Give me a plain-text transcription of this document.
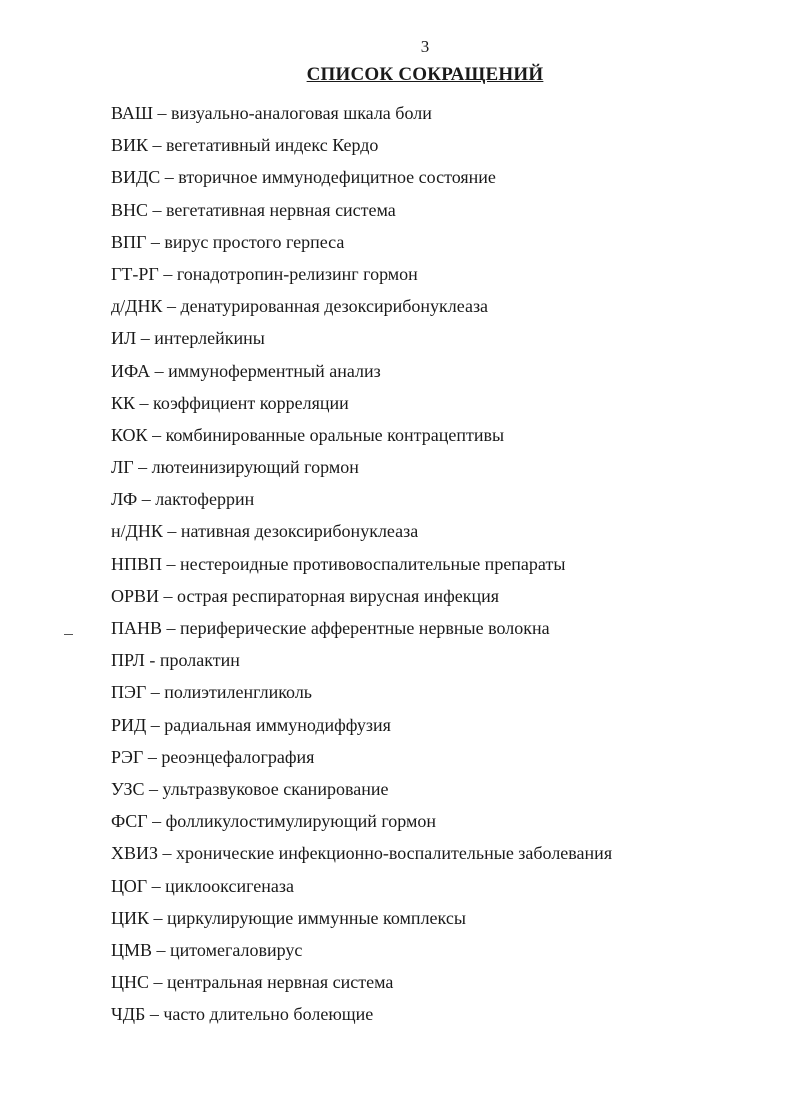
3
СПИСОК СОКРАЩЕНИЙ
ВАШ – визуально-аналоговая шкала боли
ВИК – вегетативный индекс Кердо
ВИДС – вторичное иммунодефицитное состояние
ВНС – вегетативная нервная система
ВПГ – вирус простого герпеса
ГТ-РГ – гонадотропин-релизинг гормон
д/ДНК – денатурированная дезоксирибонуклеаза
ИЛ – интерлейкины
ИФА – иммуноферментный анализ
КК – коэффициент корреляции
КОК – комбинированные оральные контрацептивы
ЛГ – лютеинизирующий гормон
ЛФ – лактоферрин
н/ДНК – нативная дезоксирибонуклеаза
НПВП – нестероидные противовоспалительные препараты
ОРВИ – острая респираторная вирусная инфекция
ПАНВ – периферические афферентные нервные волокна
ПРЛ - пролактин
ПЭГ – полиэтиленгликоль
РИД – радиальная иммунодиффузия
РЭГ – реоэнцефалография
УЗС – ультразвуковое сканирование
ФСГ – фолликулостимулирующий гормон
ХВИЗ – хронические инфекционно-воспалительные заболевания
ЦОГ – циклооксигеназа
ЦИК – циркулирующие иммунные комплексы
ЦМВ – цитомегаловирус
ЦНС – центральная нервная система
ЧДБ – часто длительно болеющие
